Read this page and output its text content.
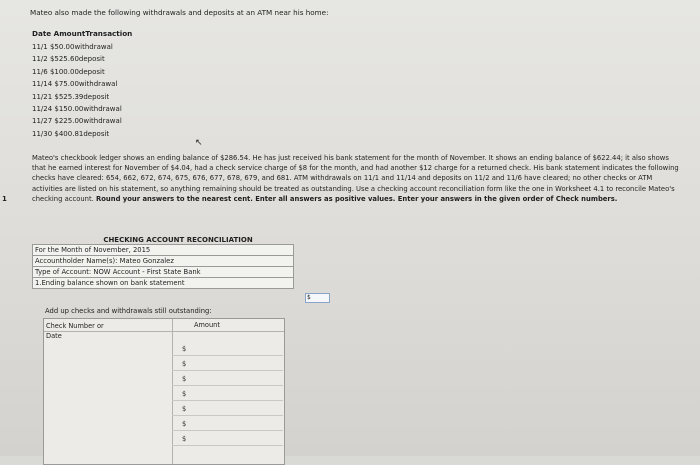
Mateo also made the following withdrawals and deposits at an ATM near his home:
Date AmountTransaction
11/1 $50.00withdrawal
11/2 $525.60deposit
11/6 $100.00deposit
11/14 $75.00withdrawal
11/21 $525.39deposit
11/24 $150.00withdrawal
11/27 $225.00withdrawal
11/30 $400.81deposit
Mateo's checkbook ledger shows an ending balance of $286.54. He has just received his bank statement for the month of November. It shows an ending balance of $622.44; it also shows that he earned interest for November of $4.04, had a check service charge of $8 for the month, and had another $12 charge for a returned check. His bank statement indicates the following checks have cleared: 654, 662, 672, 674, 675, 676, 677, 678, 679, and 681. ATM withdrawals on 11/1 and 11/14 and deposits on 11/2 and 11/6 have cleared; no other checks or ATM activities are listed on his statement, so anything remaining should be treated as outstanding. Use a checking account reconciliation form like the one in Worksheet 4.1 to reconcile Mateo's checking account. Round your answers to the nearest cent. Enter all answers as positive values. Enter your answers in the given order of Check numbers.
CHECKING ACCOUNT RECONCILIATION
For the Month of November, 2015
Accountholder Name(s): Mateo Gonzalez
Type of Account: NOW Account - First State Bank
1.Ending balance shown on bank statement
$
Add up checks and withdrawals still outstanding:
Check Number or Date
Amount
$
$
$
$
$
$
$
1
↖
